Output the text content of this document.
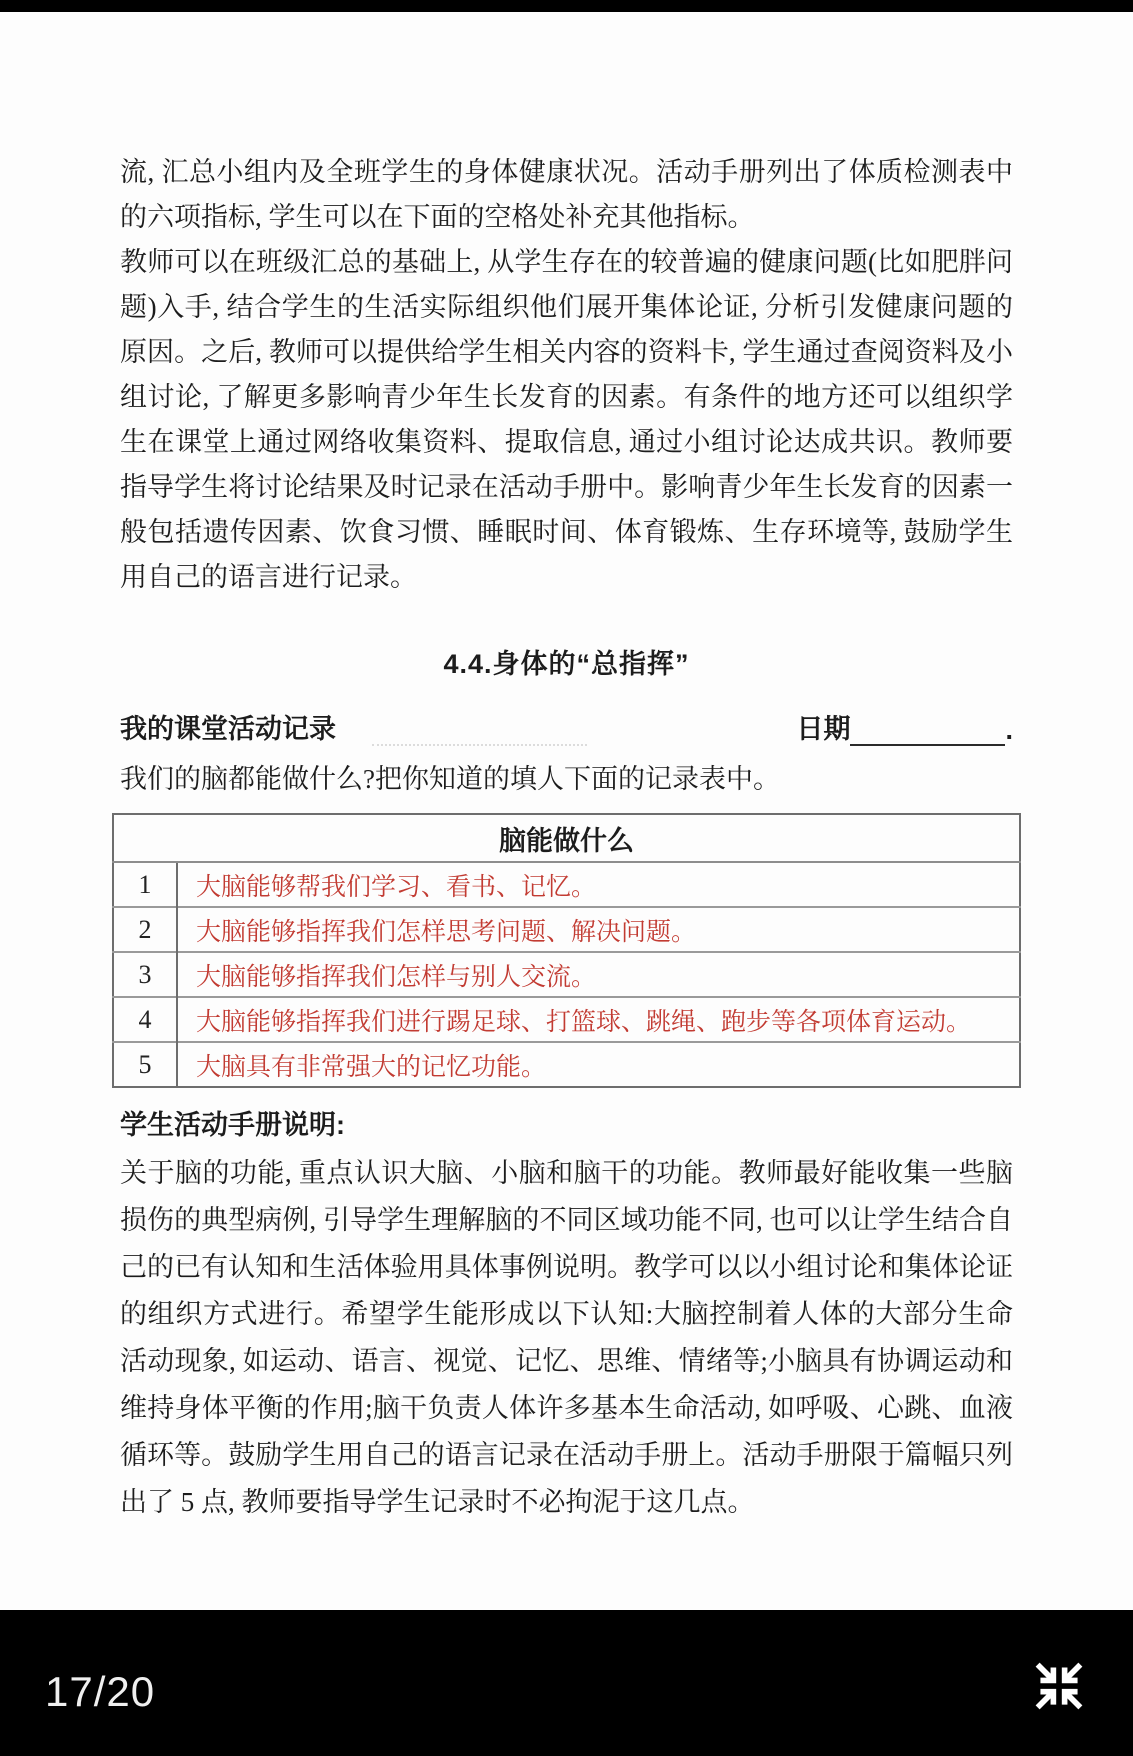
流, 汇总小组内及全班学生的身体健康状况。活动手册列出了体质检测表中的六项指标, 学生可以在下面的空格处补充其他指标。

教师可以在班级汇总的基础上, 从学生存在的较普遍的健康问题(比如肥胖问题)入手, 结合学生的生活实际组织他们展开集体论证, 分析引发健康问题的原因。之后, 教师可以提供给学生相关内容的资料卡, 学生通过查阅资料及小组讨论, 了解更多影响青少年生长发育的因素。有条件的地方还可以组织学生在课堂上通过网络收集资料、提取信息, 通过小组讨论达成共识。教师要指导学生将讨论结果及时记录在活动手册中。影响青少年生长发育的因素一般包括遗传因素、饮食习惯、睡眠时间、体育锻炼、生存环境等, 鼓励学生用自己的语言进行记录。

4.4.身体的“总指挥”
我的课堂活动记录	日期	.

我们的脑都能做什么?把你知道的填人下面的记录表中。

脑能做什么	
1	大脑能够帮我们学习、看书、记忆。
2	大脑能够指挥我们怎样思考问题、解决问题。
3	大脑能够指挥我们怎样与别人交流。
4	大脑能够指挥我们进行踢足球、打篮球、跳绳、跑步等各项体育运动。
5	大脑具有非常强大的记忆功能。
学生活动手册说明:

关于脑的功能, 重点认识大脑、小脑和脑干的功能。教师最好能收集一些脑损伤的典型病例, 引导学生理解脑的不同区域功能不同, 也可以让学生结合自己的已有认知和生活体验用具体事例说明。教学可以以小组讨论和集体论证的组织方式进行。希望学生能形成以下认知:大脑控制着人体的大部分生命活动现象, 如运动、语言、视觉、记忆、思维、情绪等;小脑具有协调运动和维持身体平衡的作用;脑干负责人体许多基本生命活动, 如呼吸、心跳、血液循环等。鼓励学生用自己的语言记录在活动手册上。活动手册限于篇幅只列出了 5 点, 教师要指导学生记录时不必拘泥于这几点。

17/20
